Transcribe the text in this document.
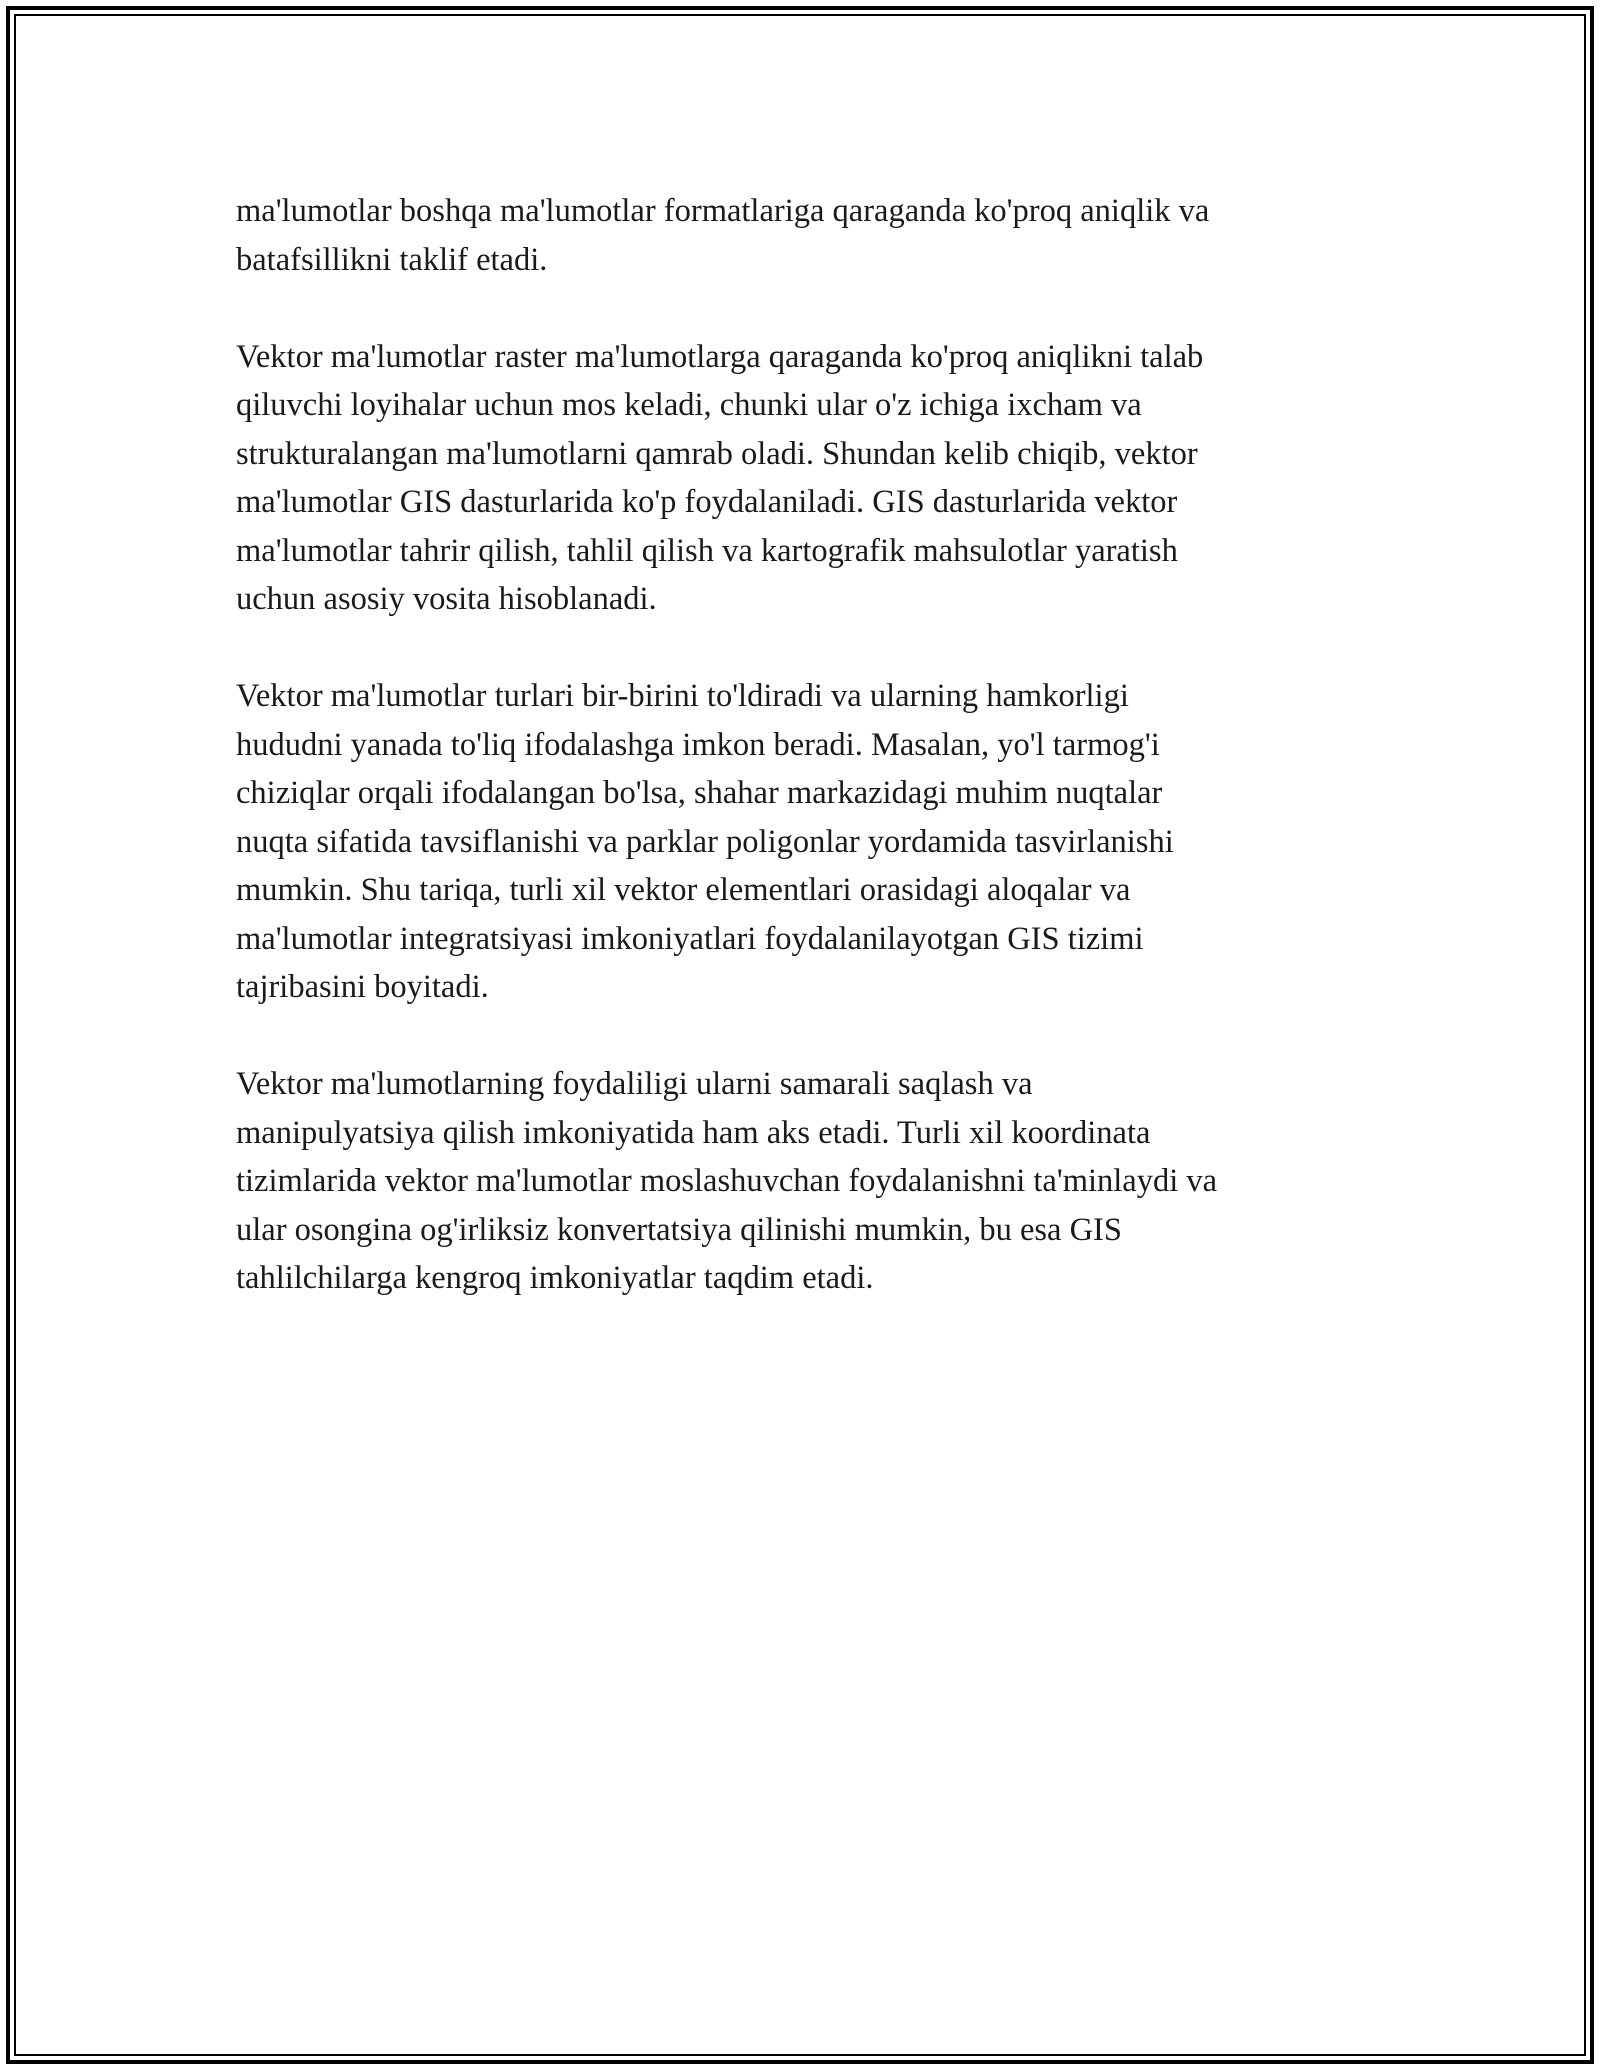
ma'lumotlar boshqa ma'lumotlar formatlariga qaraganda ko'proq aniqlik va
batafsillikni taklif etadi.

Vektor ma'lumotlar raster ma'lumotlarga qaraganda ko'proq aniqlikni talab
qiluvchi loyihalar uchun mos keladi, chunki ular o'z ichiga ixcham va
strukturalangan ma'lumotlarni qamrab oladi. Shundan kelib chiqib, vektor
ma'lumotlar GIS dasturlarida ko'p foydalaniladi. GIS dasturlarida vektor
ma'lumotlar tahrir qilish, tahlil qilish va kartografik mahsulotlar yaratish
uchun asosiy vosita hisoblanadi.

Vektor ma'lumotlar turlari bir-birini to'ldiradi va ularning hamkorligi
hududni yanada to'liq ifodalashga imkon beradi. Masalan, yo'l tarmog'i
chiziqlar orqali ifodalangan bo'lsa, shahar markazidagi muhim nuqtalar
nuqta sifatida tavsiflanishi va parklar poligonlar yordamida tasvirlanishi
mumkin. Shu tariqa, turli xil vektor elementlari orasidagi aloqalar va
ma'lumotlar integratsiyasi imkoniyatlari foydalanilayotgan GIS tizimi
tajribasini boyitadi.

Vektor ma'lumotlarning foydaliligi ularni samarali saqlash va
manipulyatsiya qilish imkoniyatida ham aks etadi. Turli xil koordinata
tizimlarida vektor ma'lumotlar moslashuvchan foydalanishni ta'minlaydi va
ular osongina og'irliksiz konvertatsiya qilinishi mumkin, bu esa GIS
tahlilchilarga kengroq imkoniyatlar taqdim etadi.
